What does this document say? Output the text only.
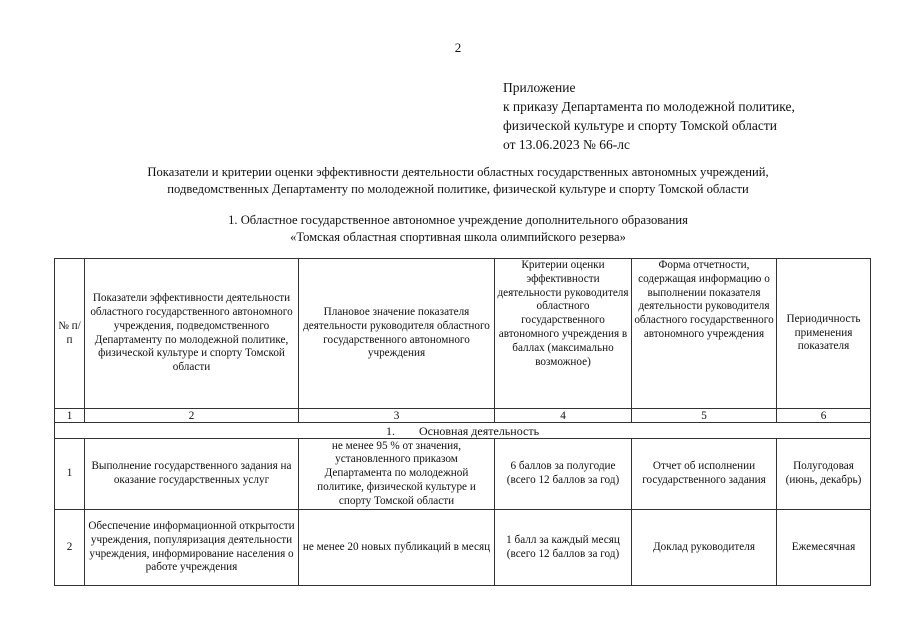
2
Приложение
к приказу Департамента по молодежной политике,
физической культуре и спорту Томской области
от 13.06.2023 № 66-лс
Показатели и критерии оценки эффективности деятельности областных государственных автономных учреждений,
подведомственных Департаменту по молодежной политике, физической культуре и спорту Томской области
1. Областное государственное автономное учреждение дополнительного образования
«Томская областная спортивная школа олимпийского резерва»
№ п/п	Показатели эффективности деятельности областного государственного автономного учреждения, подведомственного Департаменту по молодежной политике, физической культуре и спорту Томской области	Плановое значение показателя деятельности руководителя областного государственного автономного учреждения	Критерии оценки эффективности деятельности руководителя областного государственного автономного учреждения в баллах (максимально возможное)	Форма отчетности, содержащая информацию о выполнении показателя деятельности руководителя областного государственного автономного учреждения	Периодичность применения показателя
1	2	3	4	5	6
1.        Основная деятельность					
1	Выполнение государственного задания на оказание государственных услуг	не менее 95 % от значения, установленного приказом Департамента по молодежной политике, физической культуре и спорту Томской области	6 баллов за полугодие (всего 12 баллов за год)	Отчет об исполнении государственного задания	Полугодовая (июнь, декабрь)
2	Обеспечение информационной открытости учреждения, популяризация деятельности учреждения, информирование населения о работе учреждения	не менее 20 новых публикаций в месяц	1 балл за каждый месяц (всего 12 баллов за год)	Доклад руководителя	Ежемесячная
